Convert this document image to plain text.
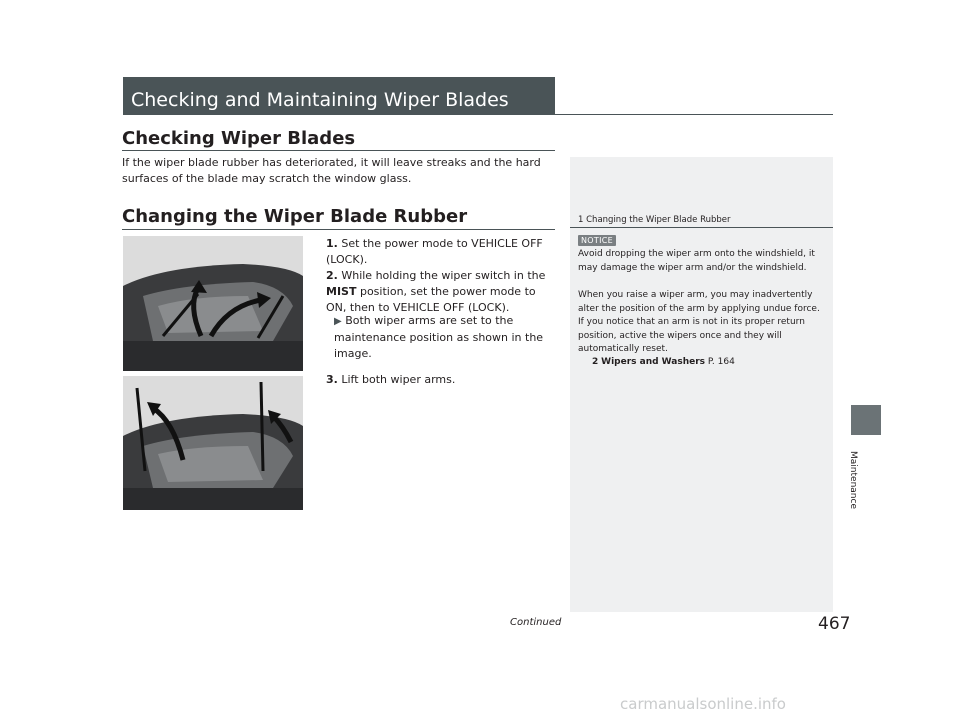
Checking and Maintaining Wiper Blades
Checking Wiper Blades
If the wiper blade rubber has deteriorated, it will leave streaks and the hard surfaces of the blade may scratch the window glass.
Changing the Wiper Blade Rubber
1. Set the power mode to VEHICLE OFF (LOCK).
2. While holding the wiper switch in the MIST position, set the power mode to ON, then to VEHICLE OFF (LOCK).
▶ Both wiper arms are set to the maintenance position as shown in the image.
3. Lift both wiper arms.
1 Changing the Wiper Blade Rubber
NOTICE
Avoid dropping the wiper arm onto the windshield, it may damage the wiper arm and/or the windshield.
When you raise a wiper arm, you may inadvertently alter the position of the arm by applying undue force. If you notice that an arm is not in its proper return position, active the wipers once and they will automatically reset.
2 Wipers and Washers P. 164
Maintenance
Continued	467
carmanualsonline.info
